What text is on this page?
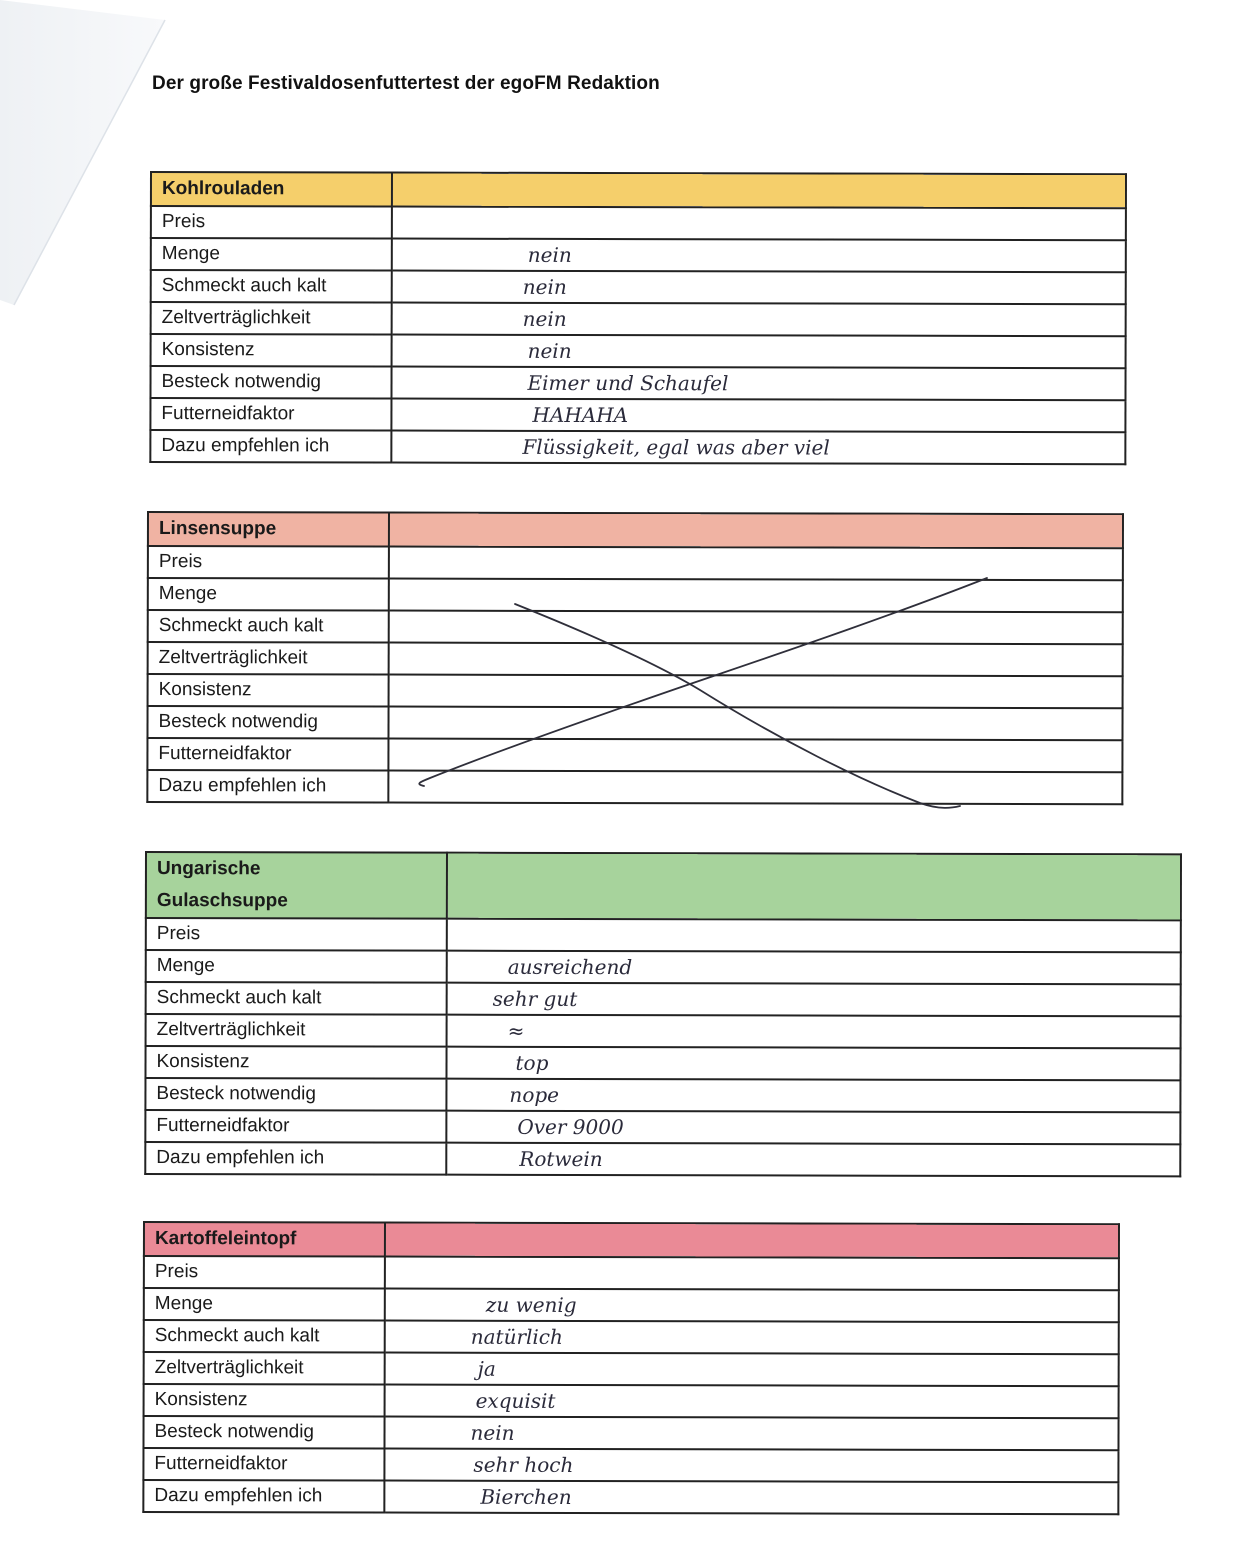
Der große Festivaldosenfuttertest der egoFM Redaktion
Kohlrouladen	
Preis	
Menge	nein
Schmeckt auch kalt	nein
Zeltverträglichkeit	nein
Konsistenz	nein
Besteck notwendig	Eimer und Schaufel
Futterneidfaktor	HAHAHA
Dazu empfehlen ich	Flüssigkeit, egal was aber viel
Linsensuppe	
Preis	
Menge	
Schmeckt auch kalt	
Zeltverträglichkeit	
Konsistenz	
Besteck notwendig	
Futterneidfaktor	
Dazu empfehlen ich	
Ungarische Gulaschsuppe	
Preis	
Menge	ausreichend
Schmeckt auch kalt	sehr gut
Zeltverträglichkeit	≈
Konsistenz	top
Besteck notwendig	nope
Futterneidfaktor	Over 9000
Dazu empfehlen ich	Rotwein
Kartoffeleintopf	
Preis	
Menge	zu wenig
Schmeckt auch kalt	natürlich
Zeltverträglichkeit	ja
Konsistenz	exquisit
Besteck notwendig	nein
Futterneidfaktor	sehr hoch
Dazu empfehlen ich	Bierchen
